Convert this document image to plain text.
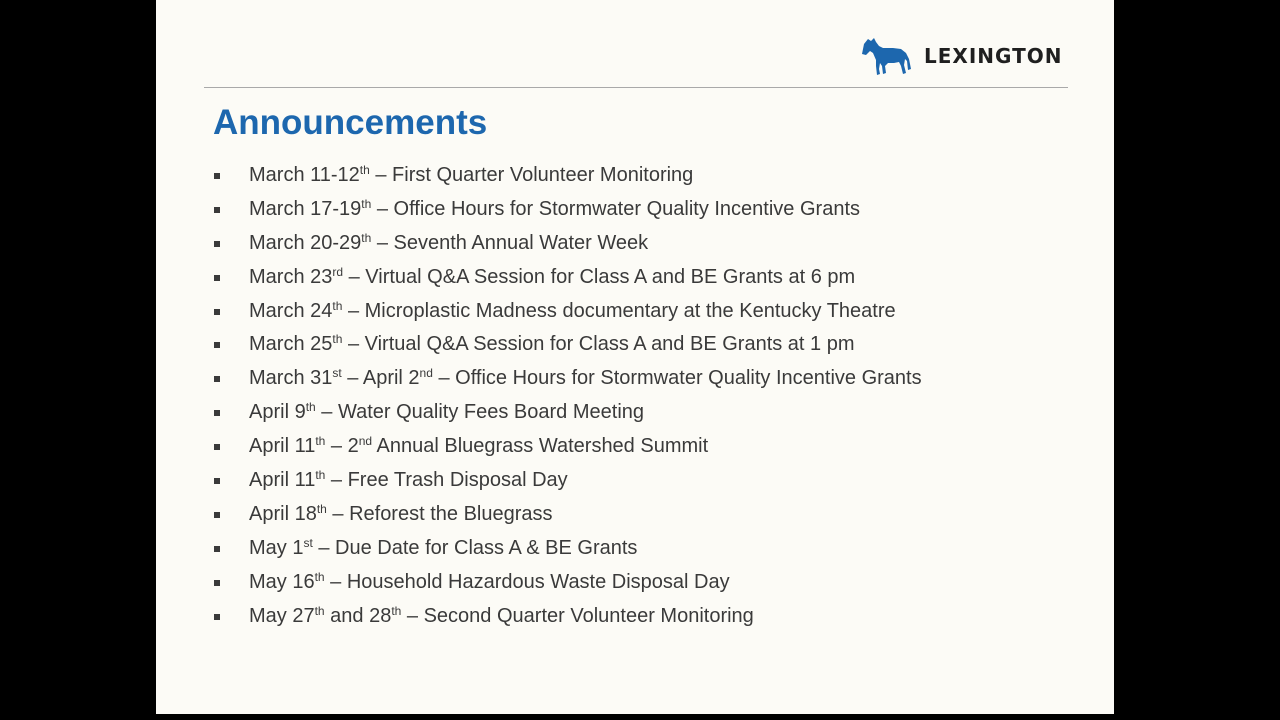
LEXINGTON
Announcements
March 11-12th – First Quarter Volunteer Monitoring
March 17-19th – Office Hours for Stormwater Quality Incentive Grants
March 20-29th – Seventh Annual Water Week
March 23rd – Virtual Q&A Session for Class A and BE Grants at 6 pm
March 24th – Microplastic Madness documentary at the Kentucky Theatre
March 25th – Virtual Q&A Session for Class A and BE Grants at 1 pm
March 31st – April 2nd – Office Hours for Stormwater Quality Incentive Grants
April 9th – Water Quality Fees Board Meeting
April 11th – 2nd Annual Bluegrass Watershed Summit
April 11th – Free Trash Disposal Day
April 18th – Reforest the Bluegrass
May 1st – Due Date for Class A & BE Grants
May 16th – Household Hazardous Waste Disposal Day
May 27th and 28th – Second Quarter Volunteer Monitoring
